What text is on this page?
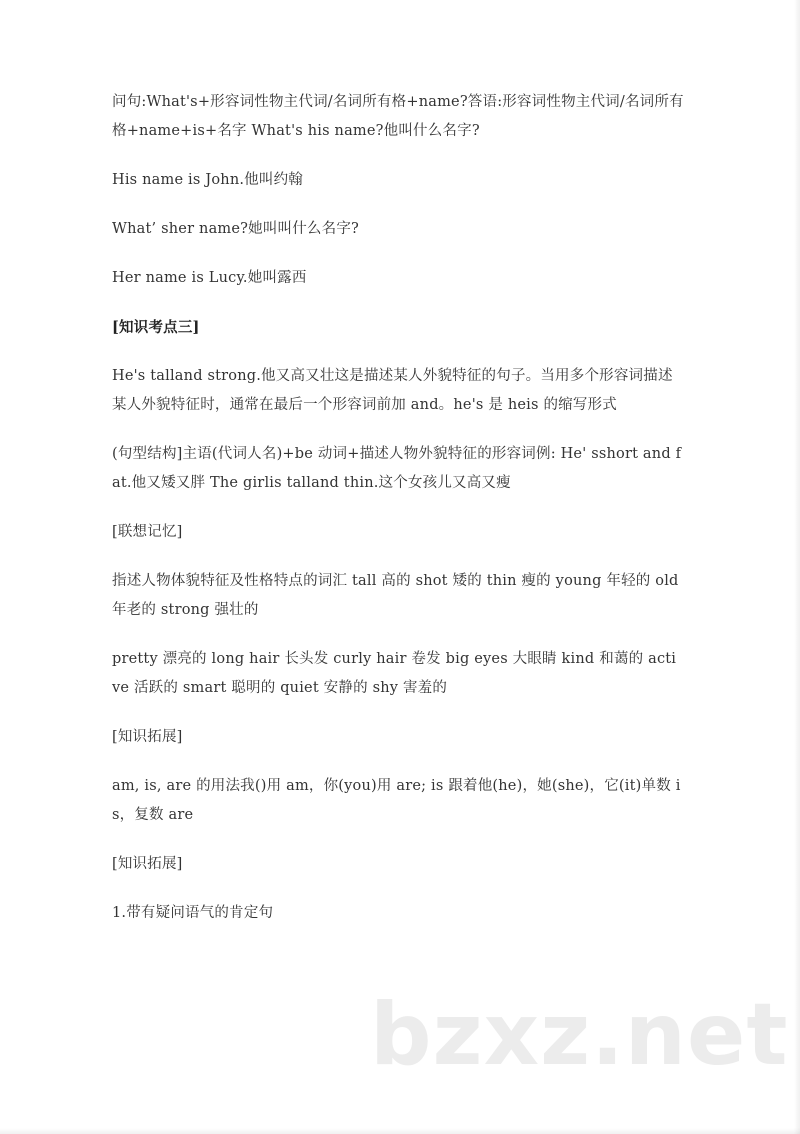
问句:What's+形容词性物主代词/名词所有格+name?答语:形容词性物主代词/名词所有格+name+is+名字 What's his name?他叫什么名字?

His name is John.他叫约翰

What’ sher name?她叫叫什么名字?

Her name is Lucy.她叫露西

[知识考点三]

He's talland strong.他又高又壮这是描述某人外貌特征的句子。当用多个形容词描述某人外貌特征时，通常在最后一个形容词前加 and。he's 是 heis 的缩写形式

(句型结构]主语(代词人名)+be 动词+描述人物外貌特征的形容词例: He' sshort and fat.他又矮又胖 The girlis talland thin.这个女孩儿又高又瘦

[联想记忆]

指述人物体貌特征及性格特点的词汇 tall 高的 shot 矮的 thin 瘦的 young 年轻的 old 年老的 strong 强壮的

pretty 漂亮的 long hair 长头发 curly hair 卷发 big eyes 大眼睛 kind 和蔼的 active 活跃的 smart 聪明的 quiet 安静的 shy 害羞的

[知识拓展]

am, is, are 的用法我()用 am，你(you)用 are; is 跟着他(he)，她(she)，它(it)单数 is，复数 are

[知识拓展]

1.带有疑问语气的肯定句

bzxz.net
